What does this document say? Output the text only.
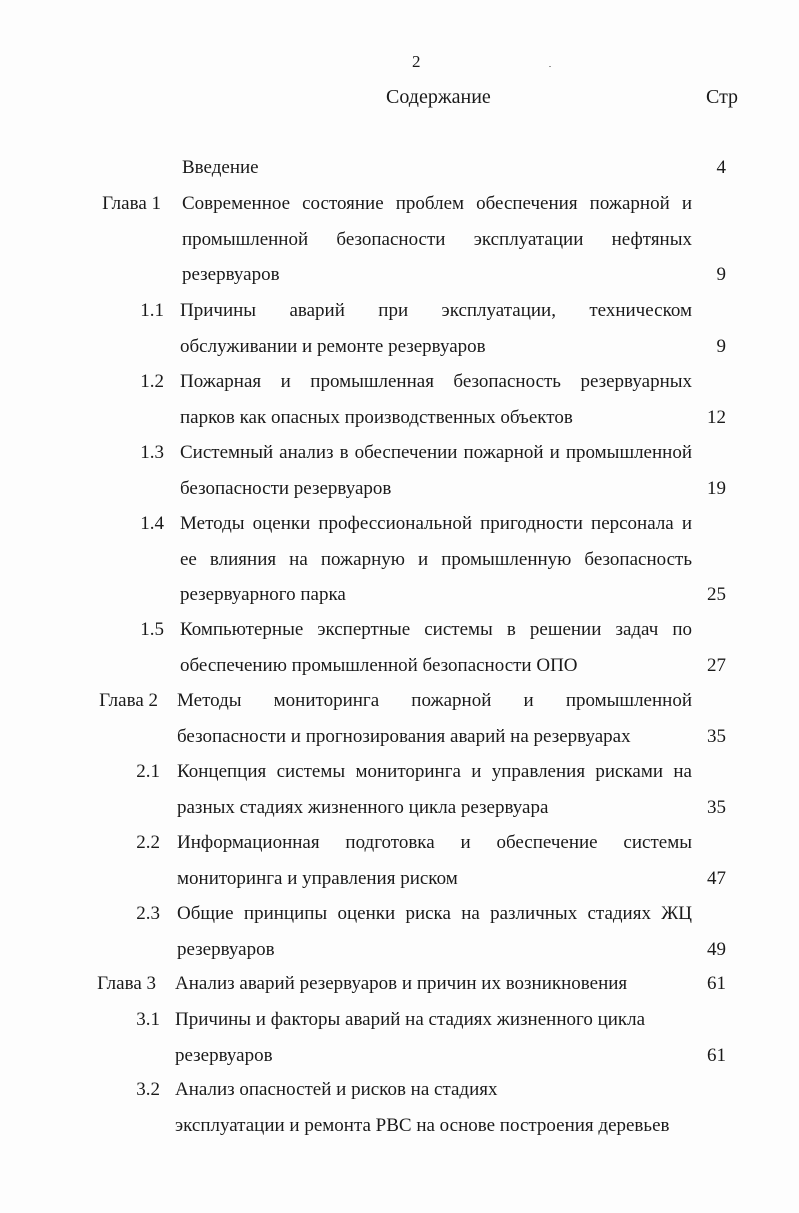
2
Содержание	Стр
Введение	4
Глава 1 Современное состояние проблем обеспечения пожарной и
промышленной безопасности эксплуатации нефтяных
резервуаров	9
1.1 Причины аварий при эксплуатации, техническом
обслуживании и ремонте резервуаров	9
1.2 Пожарная и промышленная безопасность резервуарных
парков как опасных производственных объектов	12
1.3 Системный анализ в обеспечении пожарной и промышленной
безопасности резервуаров	19
1.4 Методы оценки профессиональной пригодности персонала и
ее влияния на пожарную и промышленную безопасность
резервуарного парка	25
1.5 Компьютерные экспертные системы в решении задач по
обеспечению промышленной безопасности ОПО	27
Глава 2 Методы мониторинга пожарной и промышленной
безопасности и прогнозирования аварий на резервуарах	35
2.1 Концепция системы мониторинга и управления рисками на
разных стадиях жизненного цикла резервуара	35
2.2 Информационная подготовка и обеспечение системы
мониторинга и управления риском	47
2.3 Общие принципы оценки риска на различных стадиях ЖЦ
резервуаров	49
Глава 3 Анализ аварий резервуаров и причин их возникновения	61
3.1 Причины и факторы аварий на стадиях жизненного цикла
резервуаров	61
3.2 Анализ опасностей и рисков на стадиях
эксплуатации и ремонта РВС на основе построения деревьев
